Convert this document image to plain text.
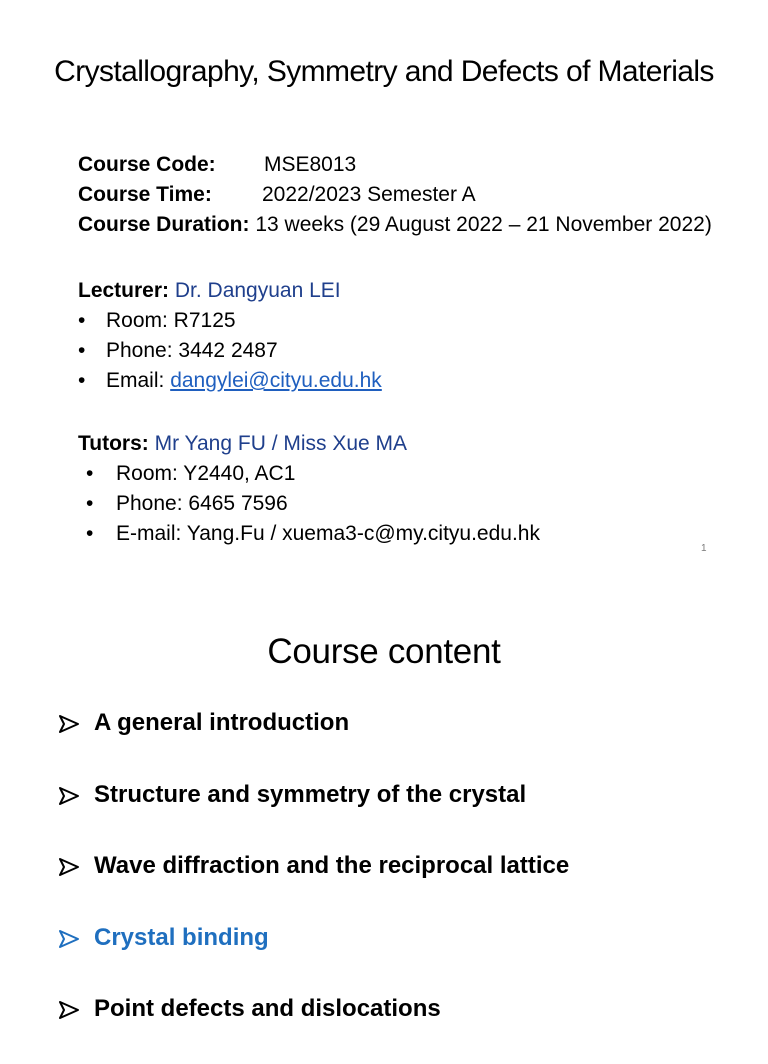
Crystallography, Symmetry and Defects of Materials
Course Code: MSE8013
Course Time: 2022/2023 Semester A
Course Duration: 13 weeks (29 August 2022 – 21 November 2022)
Lecturer: Dr. Dangyuan LEI
• Room: R7125
• Phone: 3442 2487
• Email: dangylei@cityu.edu.hk
Tutors: Mr Yang FU / Miss Xue MA
• Room: Y2440, AC1
• Phone: 6465 7596
• E-mail: Yang.Fu / xuema3-c@my.cityu.edu.hk
1
Course content
A general introduction
Structure and symmetry of the crystal
Wave diffraction and the reciprocal lattice
Crystal binding
Point defects and dislocations
